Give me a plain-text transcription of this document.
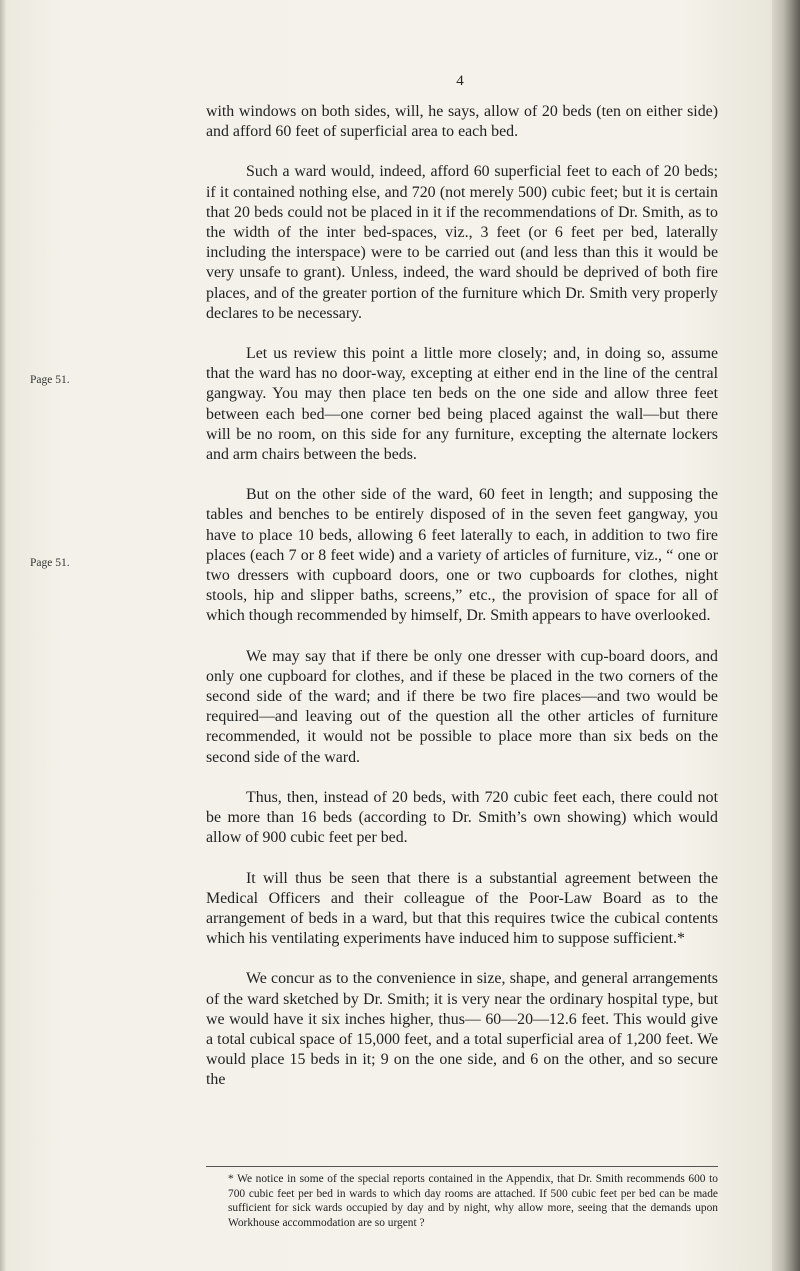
4
Page 51.
Page 51.

with windows on both sides, will, he says, allow of 20 beds (ten on either side) and afford 60 feet of superficial area to each bed.

Such a ward would, indeed, afford 60 superficial feet to each of 20 beds; if it contained nothing else, and 720 (not merely 500) cubic feet; but it is certain that 20 beds could not be placed in it if the recommendations of Dr. Smith, as to the width of the inter bed-spaces, viz., 3 feet (or 6 feet per bed, laterally including the interspace) were to be carried out (and less than this it would be very unsafe to grant). Unless, indeed, the ward should be deprived of both fire places, and of the greater portion of the furniture which Dr. Smith very properly declares to be necessary.

Let us review this point a little more closely; and, in doing so, assume that the ward has no door-way, excepting at either end in the line of the central gangway. You may then place ten beds on the one side and allow three feet between each bed—one corner bed being placed against the wall—but there will be no room, on this side for any furniture, excepting the alternate lockers and arm chairs between the beds.

But on the other side of the ward, 60 feet in length; and supposing the tables and benches to be entirely disposed of in the seven feet gangway, you have to place 10 beds, allowing 6 feet laterally to each, in addition to two fire places (each 7 or 8 feet wide) and a variety of articles of furniture, viz., “ one or two dressers with cupboard doors, one or two cupboards for clothes, night stools, hip and slipper baths, screens,” etc., the provision of space for all of which though recommended by himself, Dr. Smith appears to have overlooked.

We may say that if there be only one dresser with cup-board doors, and only one cupboard for clothes, and if these be placed in the two corners of the second side of the ward; and if there be two fire places—and two would be required—and leaving out of the question all the other articles of furniture recommended, it would not be possible to place more than six beds on the second side of the ward.

Thus, then, instead of 20 beds, with 720 cubic feet each, there could not be more than 16 beds (according to Dr. Smith’s own showing) which would allow of 900 cubic feet per bed.

It will thus be seen that there is a substantial agreement between the Medical Officers and their colleague of the Poor-Law Board as to the arrangement of beds in a ward, but that this requires twice the cubical contents which his ventilating experiments have induced him to suppose sufficient.*

We concur as to the convenience in size, shape, and general arrangements of the ward sketched by Dr. Smith; it is very near the ordinary hospital type, but we would have it six inches higher, thus— 60—20—12.6 feet. This would give a total cubical space of 15,000 feet, and a total superficial area of 1,200 feet. We would place 15 beds in it; 9 on the one side, and 6 on the other, and so secure the

* We notice in some of the special reports contained in the Appendix, that Dr. Smith recommends 600 to 700 cubic feet per bed in wards to which day rooms are attached. If 500 cubic feet per bed can be made sufficient for sick wards occupied by day and by night, why allow more, seeing that the demands upon Workhouse accommodation are so urgent ?
